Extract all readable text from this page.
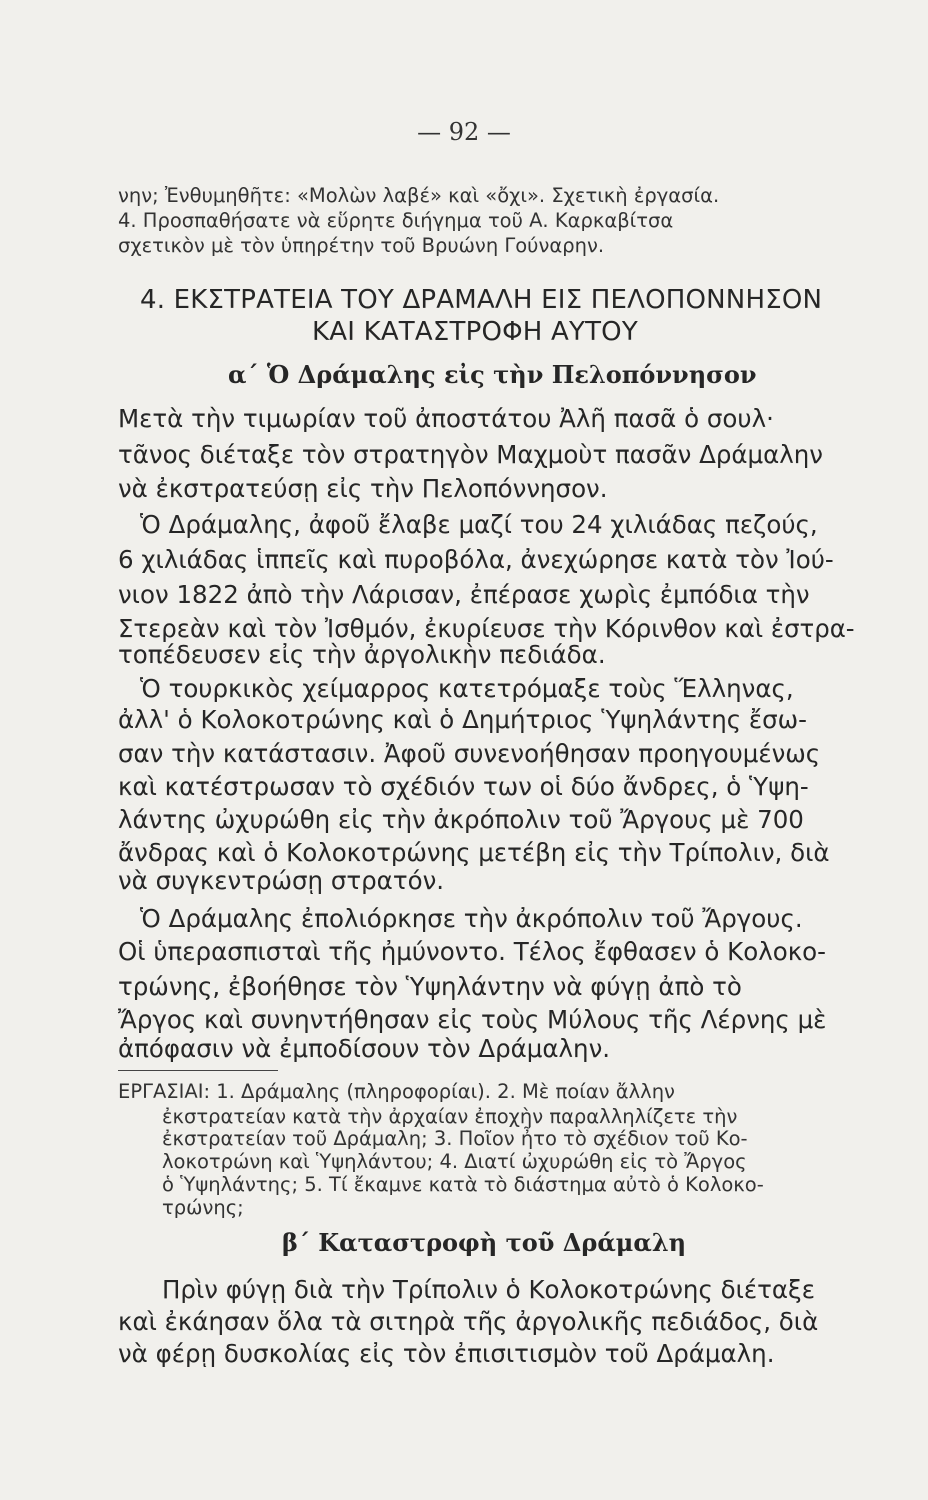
— 92 —
νην; Ἐνθυμηθῆτε: «Μολὼν λαβέ» καὶ «ὄχι». Σχετικὴ ἐργασία.
4. Προσπαθήσατε νὰ εὕρητε διήγημα τοῦ Α. Καρκαβίτσα
σχετικὸν μὲ τὸν ὑπηρέτην τοῦ Βρυώνη Γούναρην.
4. ΕΚΣΤΡΑΤΕΙΑ ΤΟΥ ΔΡΑΜΑΛΗ ΕΙΣ ΠΕΛΟΠΟΝΝΗΣΟΝ
ΚΑΙ ΚΑΤΑΣΤΡΟΦΗ ΑΥΤΟΥ
α΄ Ὁ Δράμαλης εἰς τὴν Πελοπόννησον
Μετὰ τὴν τιμωρίαν τοῦ ἀποστάτου Ἀλῆ πασᾶ ὁ σουλ·
τᾶνος διέταξε τὸν στρατηγὸν Μαχμοὺτ πασᾶν Δράμαλην
νὰ ἐκστρατεύσῃ εἰς τὴν Πελοπόννησον.
Ὁ Δράμαλης, ἀφοῦ ἔλαβε μαζί του 24 χιλιάδας πεζούς,
6 χιλιάδας ἱππεῖς καὶ πυροβόλα, ἀνεχώρησε κατὰ τὸν Ἰού-
νιον 1822 ἀπὸ τὴν Λάρισαν, ἐπέρασε χωρὶς ἐμπόδια τὴν
Στερεὰν καὶ τὸν Ἰσθμόν, ἐκυρίευσε τὴν Κόρινθον καὶ ἐστρα-
τοπέδευσεν εἰς τὴν ἀργολικὴν πεδιάδα.
Ὁ τουρκικὸς χείμαρρος κατετρόμαξε τοὺς Ἕλληνας,
ἀλλ' ὁ Κολοκοτρώνης καὶ ὁ Δημήτριος Ὑψηλάντης ἔσω-
σαν τὴν κατάστασιν. Ἀφοῦ συνενοήθησαν προηγουμένως
καὶ κατέστρωσαν τὸ σχέδιόν των οἱ δύο ἄνδρες, ὁ Ὑψη-
λάντης ὠχυρώθη εἰς τὴν ἀκρόπολιν τοῦ Ἄργους μὲ 700
ἄνδρας καὶ ὁ Κολοκοτρώνης μετέβη εἰς τὴν Τρίπολιν, διὰ
νὰ συγκεντρώσῃ στρατόν.
Ὁ Δράμαλης ἐπολιόρκησε τὴν ἀκρόπολιν τοῦ Ἄργους.
Οἱ ὑπερασπισταὶ τῆς ἠμύνοντο. Τέλος ἔφθασεν ὁ Κολοκο-
τρώνης, ἐβοήθησε τὸν Ὑψηλάντην νὰ φύγῃ ἀπὸ τὸ
Ἄργος καὶ συνηντήθησαν εἰς τοὺς Μύλους τῆς Λέρνης μὲ
ἀπόφασιν νὰ ἐμποδίσουν τὸν Δράμαλην.
ΕΡΓΑΣΙΑΙ: 1. Δράμαλης (πληροφορίαι). 2. Μὲ ποίαν ἄλλην
ἐκστρατείαν κατὰ τὴν ἀρχαίαν ἐποχὴν παραλληλίζετε τὴν
ἐκστρατείαν τοῦ Δράμαλη; 3. Ποῖον ἦτο τὸ σχέδιον τοῦ Κο-
λοκοτρώνη καὶ Ὑψηλάντου; 4. Διατί ὠχυρώθη εἰς τὸ Ἄργος
ὁ Ὑψηλάντης; 5. Τί ἔκαμνε κατὰ τὸ διάστημα αὐτὸ ὁ Κολοκο-
τρώνης;
β΄ Καταστροφὴ τοῦ Δράμαλη
Πρὶν φύγῃ διὰ τὴν Τρίπολιν ὁ Κολοκοτρώνης διέταξε
καὶ ἐκάησαν ὅλα τὰ σιτηρὰ τῆς ἀργολικῆς πεδιάδος, διὰ
νὰ φέρῃ δυσκολίας εἰς τὸν ἐπισιτισμὸν τοῦ Δράμαλη.
